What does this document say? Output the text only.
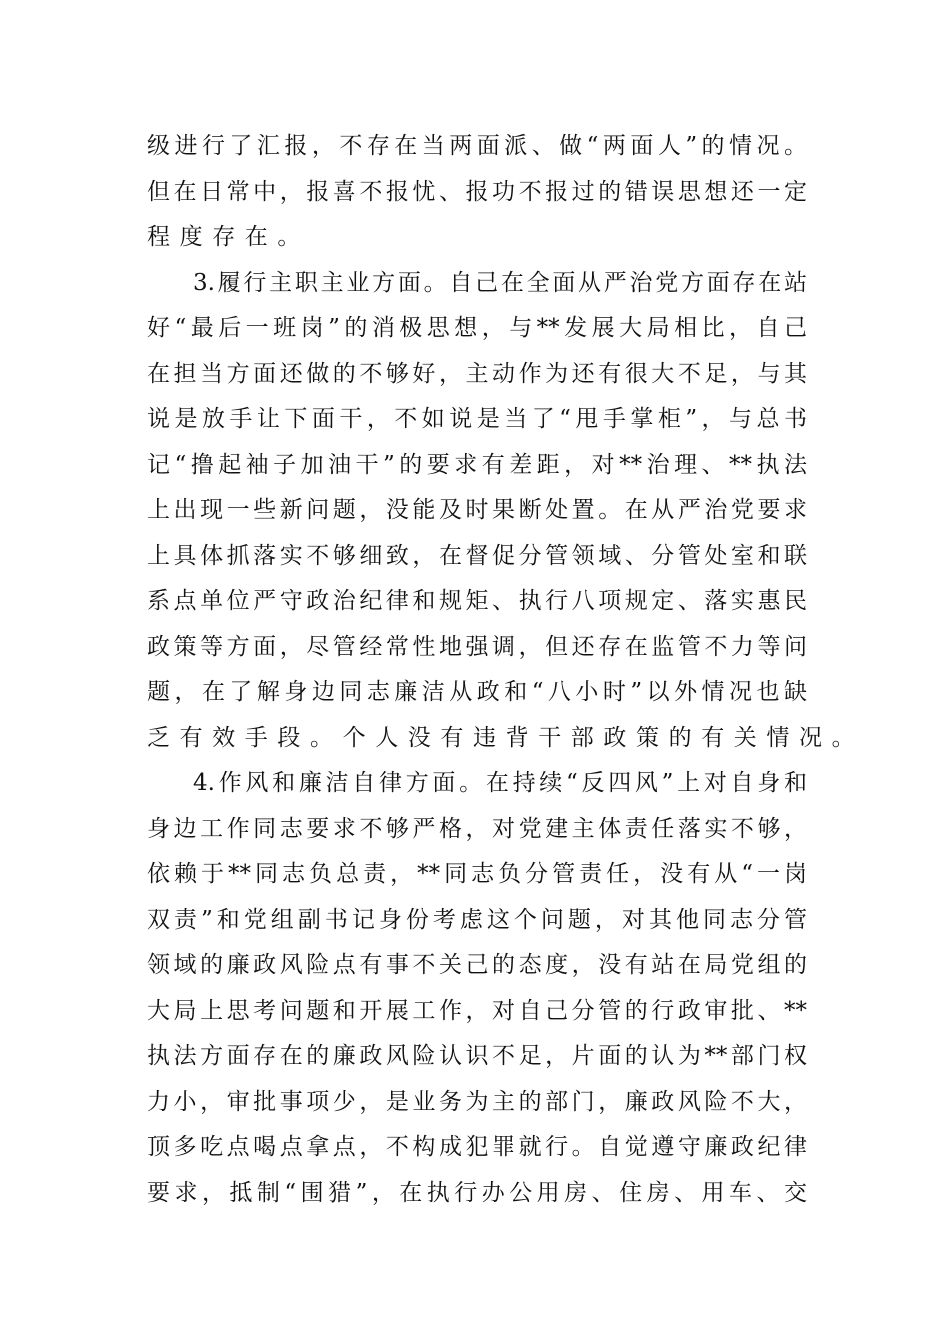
级进行了汇报，不存在当两面派、做“两面人”的情况。
但在日常中，报喜不报忧、报功不报过的错误思想还一定
程度存在。
3.履行主职主业方面。自己在全面从严治党方面存在站
好“最后一班岗”的消极思想，与**发展大局相比，自己
在担当方面还做的不够好，主动作为还有很大不足，与其
说是放手让下面干，不如说是当了“甩手掌柜”，与总书
记“撸起袖子加油干”的要求有差距，对**治理、**执法
上出现一些新问题，没能及时果断处置。在从严治党要求
上具体抓落实不够细致，在督促分管领域、分管处室和联
系点单位严守政治纪律和规矩、执行八项规定、落实惠民
政策等方面，尽管经常性地强调，但还存在监管不力等问
题，在了解身边同志廉洁从政和“八小时”以外情况也缺
乏有效手段。个人没有违背干部政策的有关情况。
4.作风和廉洁自律方面。在持续“反四风”上对自身和
身边工作同志要求不够严格，对党建主体责任落实不够，
依赖于**同志负总责，**同志负分管责任，没有从“一岗
双责”和党组副书记身份考虑这个问题，对其他同志分管
领域的廉政风险点有事不关己的态度，没有站在局党组的
大局上思考问题和开展工作，对自己分管的行政审批、**
执法方面存在的廉政风险认识不足，片面的认为**部门权
力小，审批事项少，是业务为主的部门，廉政风险不大，
顶多吃点喝点拿点，不构成犯罪就行。自觉遵守廉政纪律
要求，抵制“围猎”，在执行办公用房、住房、用车、交
